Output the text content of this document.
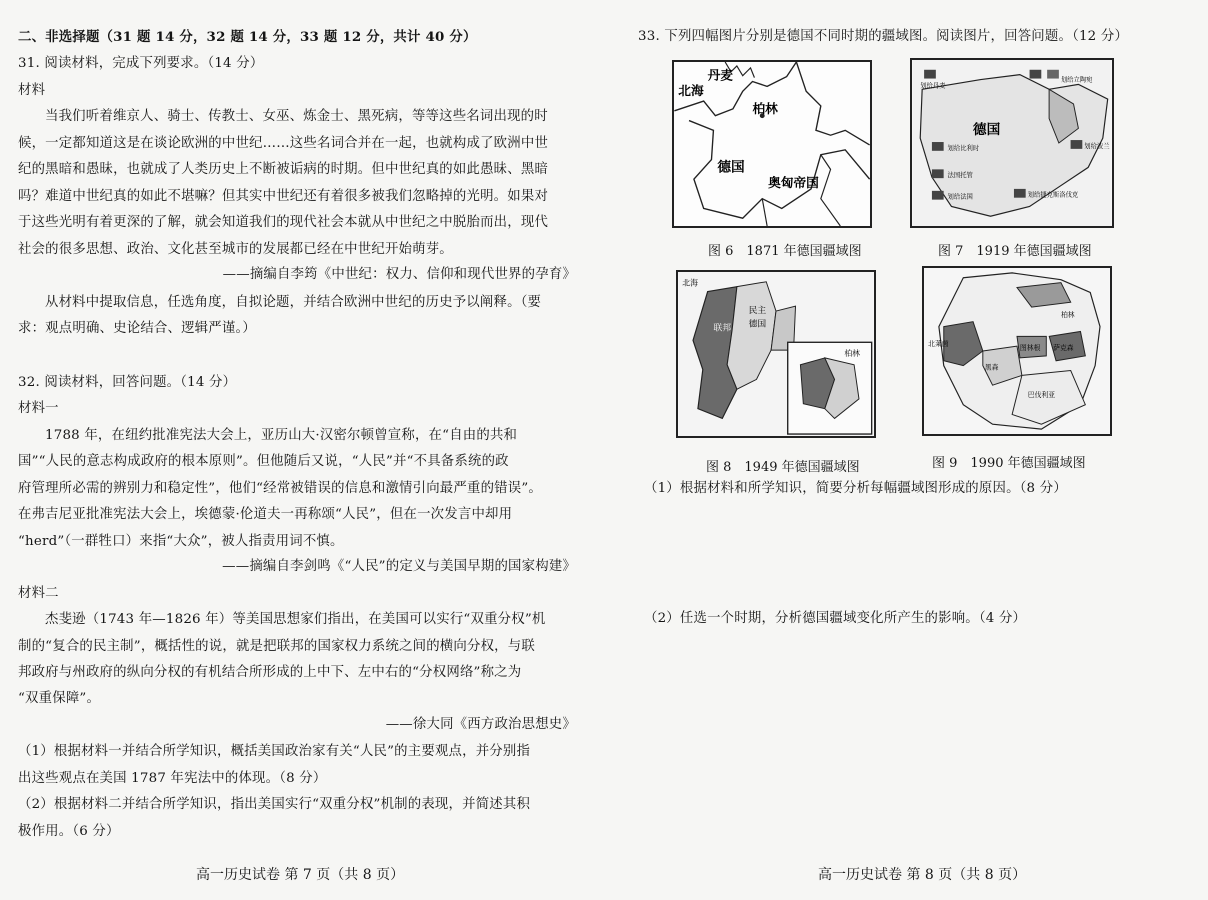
二、非选择题（31 题 14 分，32 题 14 分，33 题 12 分，共计 40 分）
31. 阅读材料，完成下列要求。（14 分）
材料
当我们听着维京人、骑士、传教士、女巫、炼金士、黑死病，等等这些名词出现的时
候，一定都知道这是在谈论欧洲的中世纪……这些名词合并在一起，也就构成了欧洲中世
纪的黑暗和愚昧，也就成了人类历史上不断被诟病的时期。但中世纪真的如此愚昧、黑暗
吗？难道中世纪真的如此不堪嘛？但其实中世纪还有着很多被我们忽略掉的光明。如果对
于这些光明有着更深的了解，就会知道我们的现代社会本就从中世纪之中脱胎而出，现代
社会的很多思想、政治、文化甚至城市的发展都已经在中世纪开始萌芽。
——摘编自李筠《中世纪：权力、信仰和现代世界的孕育》
从材料中提取信息，任选角度，自拟论题，并结合欧洲中世纪的历史予以阐释。（要
求：观点明确、史论结合、逻辑严谨。）
32. 阅读材料，回答问题。（14 分）
材料一
1788 年，在纽约批准宪法大会上，亚历山大·汉密尔顿曾宣称，在“自由的共和
国”“人民的意志构成政府的根本原则”。但他随后又说，“人民”并“不具备系统的政
府管理所必需的辨别力和稳定性”，他们“经常被错误的信息和激情引向最严重的错误”。
在弗吉尼亚批准宪法大会上，埃德蒙·伦道夫一再称颂“人民”，但在一次发言中却用
“herd”（一群牲口）来指“大众”，被人指责用词不慎。
——摘编自李剑鸣《“人民”的定义与美国早期的国家构建》
材料二
杰斐逊（1743 年—1826 年）等美国思想家们指出，在美国可以实行“双重分权”机
制的“复合的民主制”，概括性的说，就是把联邦的国家权力系统之间的横向分权，与联
邦政府与州政府的纵向分权的有机结合所形成的上中下、左中右的“分权网络”称之为
“双重保障”。
——徐大同《西方政治思想史》
（1）根据材料一并结合所学知识，概括美国政治家有关“人民”的主要观点，并分别指
出这些观点在美国 1787 年宪法中的体现。（8 分）
（2）根据材料二并结合所学知识，指出美国实行“双重分权”机制的表现，并简述其积
极作用。（6 分）
高一历史试卷 第 7 页（共 8 页）
33. 下列四幅图片分别是德国不同时期的疆域图。阅读图片，回答问题。（12 分）
丹麦
北海
柏林
德国
奥匈帝国
图 6　1871 年德国疆域图
划给丹麦
德国
划给比利时
法国托管
划给法国
划给波兰
划给立陶宛
划给捷克斯洛伐克
图 7　1919 年德国疆域图
北海
联邦
民主
德国
柏林
图 8　1949 年德国疆域图
北莱茵
黑森
巴伐利亚
萨克森
图林根
柏林
图 9　1990 年德国疆域图
（1）根据材料和所学知识，简要分析每幅疆域图形成的原因。（8 分）
（2）任选一个时期，分析德国疆域变化所产生的影响。（4 分）
高一历史试卷 第 8 页（共 8 页）
